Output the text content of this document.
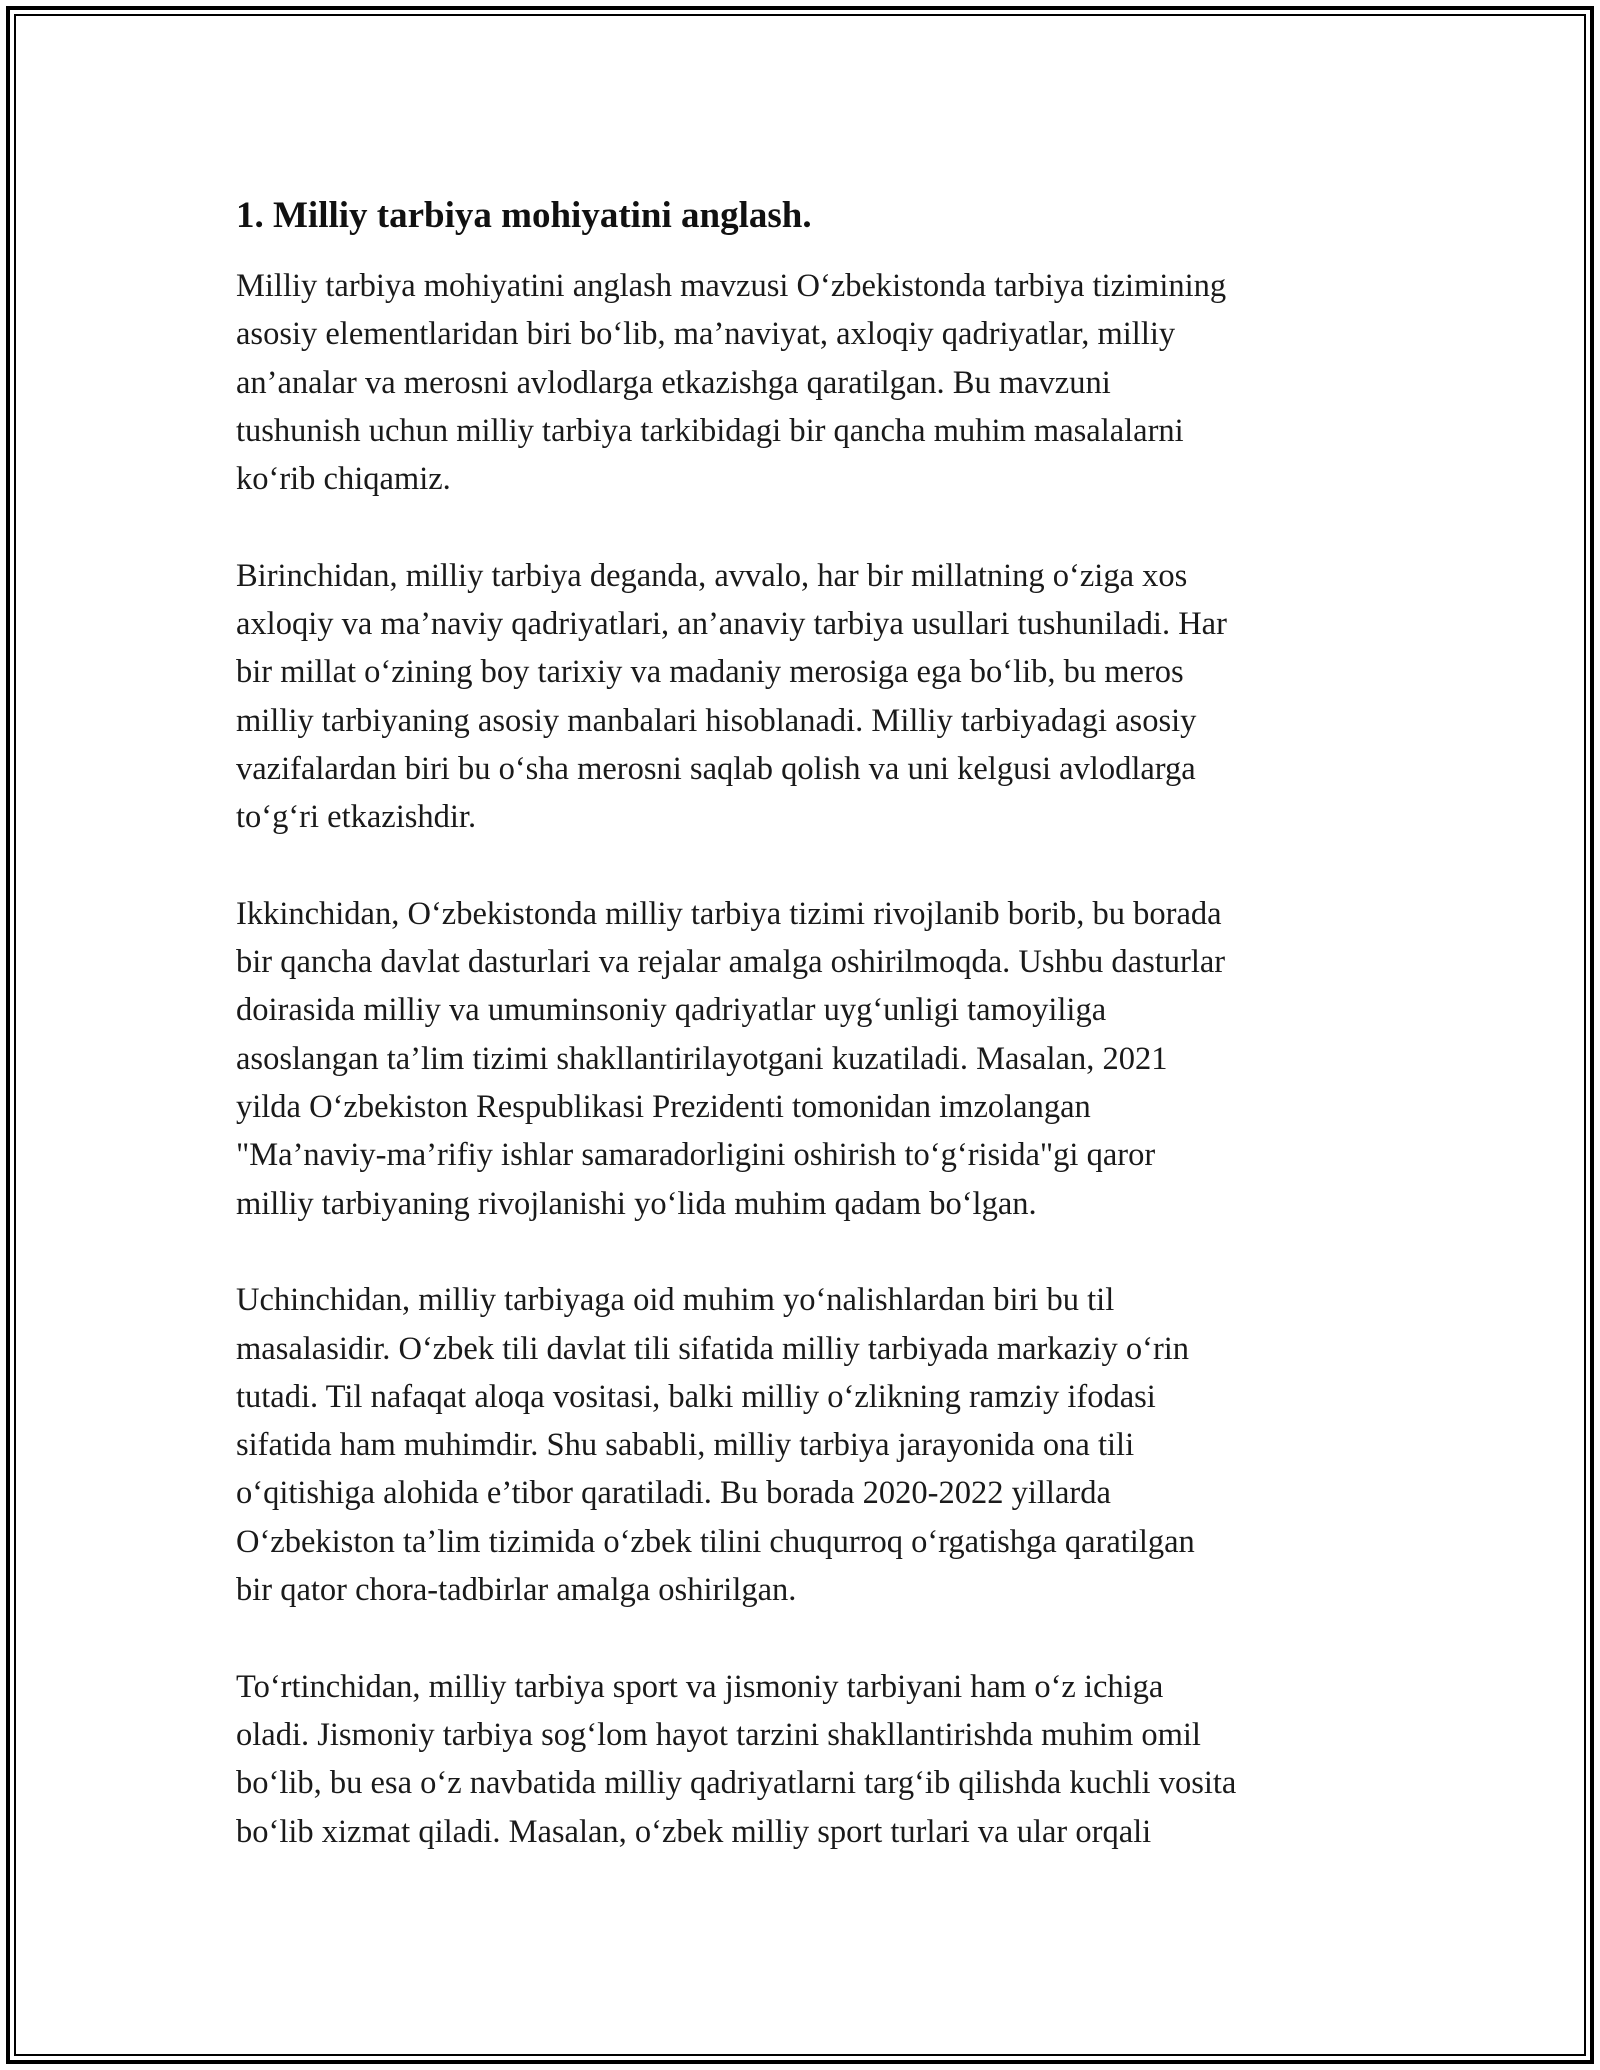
1. Milliy tarbiya mohiyatini anglash.
Milliy tarbiya mohiyatini anglash mavzusi O‘zbekistonda tarbiya tizimining
asosiy elementlaridan biri bo‘lib, ma’naviyat, axloqiy qadriyatlar, milliy
an’analar va merosni avlodlarga etkazishga qaratilgan. Bu mavzuni
tushunish uchun milliy tarbiya tarkibidagi bir qancha muhim masalalarni
ko‘rib chiqamiz.
Birinchidan, milliy tarbiya deganda, avvalo, har bir millatning o‘ziga xos
axloqiy va ma’naviy qadriyatlari, an’anaviy tarbiya usullari tushuniladi. Har
bir millat o‘zining boy tarixiy va madaniy merosiga ega bo‘lib, bu meros
milliy tarbiyaning asosiy manbalari hisoblanadi. Milliy tarbiyadagi asosiy
vazifalardan biri bu o‘sha merosni saqlab qolish va uni kelgusi avlodlarga
to‘g‘ri etkazishdir.
Ikkinchidan, O‘zbekistonda milliy tarbiya tizimi rivojlanib borib, bu borada
bir qancha davlat dasturlari va rejalar amalga oshirilmoqda. Ushbu dasturlar
doirasida milliy va umuminsoniy qadriyatlar uyg‘unligi tamoyiliga
asoslangan ta’lim tizimi shakllantirilayotgani kuzatiladi. Masalan, 2021
yilda O‘zbekiston Respublikasi Prezidenti tomonidan imzolangan
"Ma’naviy-ma’rifiy ishlar samaradorligini oshirish to‘g‘risida"gi qaror
milliy tarbiyaning rivojlanishi yo‘lida muhim qadam bo‘lgan.
Uchinchidan, milliy tarbiyaga oid muhim yo‘nalishlardan biri bu til
masalasidir. O‘zbek tili davlat tili sifatida milliy tarbiyada markaziy o‘rin
tutadi. Til nafaqat aloqa vositasi, balki milliy o‘zlikning ramziy ifodasi
sifatida ham muhimdir. Shu sababli, milliy tarbiya jarayonida ona tili
o‘qitishiga alohida e’tibor qaratiladi. Bu borada 2020-2022 yillarda
O‘zbekiston ta’lim tizimida o‘zbek tilini chuqurroq o‘rgatishga qaratilgan
bir qator chora-tadbirlar amalga oshirilgan.
To‘rtinchidan, milliy tarbiya sport va jismoniy tarbiyani ham o‘z ichiga
oladi. Jismoniy tarbiya sog‘lom hayot tarzini shakllantirishda muhim omil
bo‘lib, bu esa o‘z navbatida milliy qadriyatlarni targ‘ib qilishda kuchli vosita
bo‘lib xizmat qiladi. Masalan, o‘zbek milliy sport turlari va ular orqali
